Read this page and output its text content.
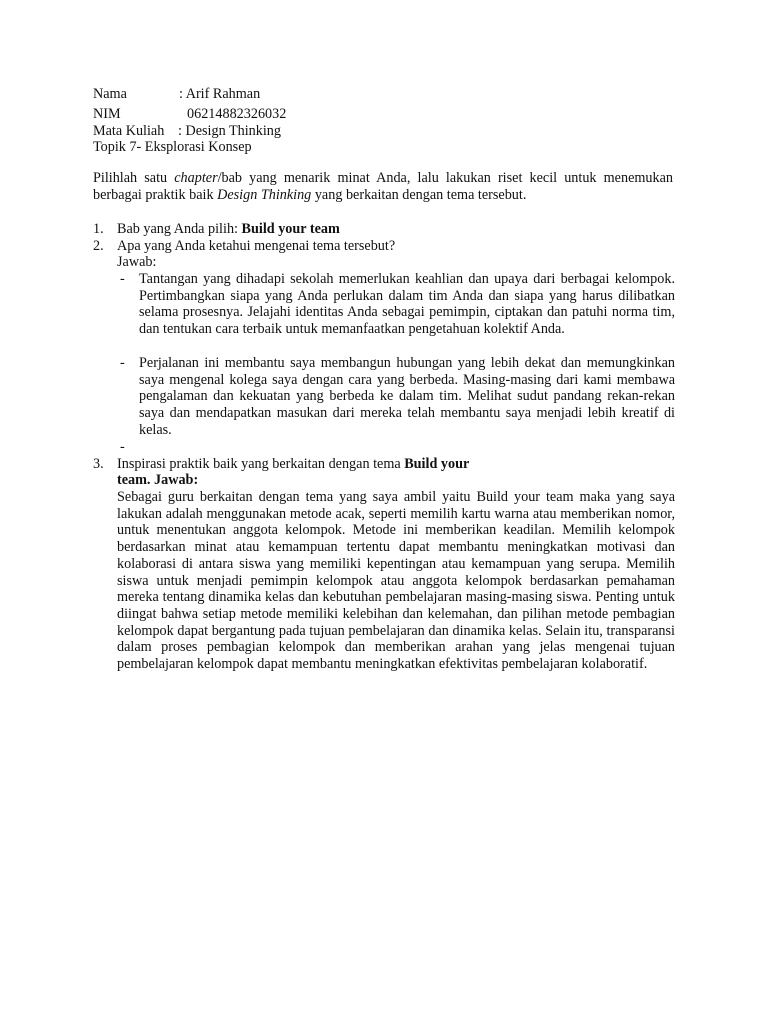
Nama	: Arif Rahman
NIM	06214882326032
Mata Kuliah : Design Thinking
Topik 7- Eksplorasi Konsep
Pilihlah satu chapter/bab yang menarik minat Anda, lalu lakukan riset kecil untuk menemukan berbagai praktik baik Design Thinking yang berkaitan dengan tema tersebut.
1. Bab yang Anda pilih: Build your team
2. Apa yang Anda ketahui mengenai tema tersebut?
Jawab:
- Tantangan yang dihadapi sekolah memerlukan keahlian dan upaya dari berbagai kelompok. Pertimbangkan siapa yang Anda perlukan dalam tim Anda dan siapa yang harus dilibatkan selama prosesnya. Jelajahi identitas Anda sebagai pemimpin, ciptakan dan patuhi norma tim, dan tentukan cara terbaik untuk memanfaatkan pengetahuan kolektif Anda.
- Perjalanan ini membantu saya membangun hubungan yang lebih dekat dan memungkinkan saya mengenal kolega saya dengan cara yang berbeda. Masing-masing dari kami membawa pengalaman dan kekuatan yang berbeda ke dalam tim. Melihat sudut pandang rekan-rekan saya dan mendapatkan masukan dari mereka telah membantu saya menjadi lebih kreatif di kelas.
-
3. Inspirasi praktik baik yang berkaitan dengan tema Build your
team. Jawab:
Sebagai guru berkaitan dengan tema yang saya ambil yaitu Build your team maka yang saya lakukan adalah menggunakan metode acak, seperti memilih kartu warna atau memberikan nomor, untuk menentukan anggota kelompok. Metode ini memberikan keadilan. Memilih kelompok berdasarkan minat atau kemampuan tertentu dapat membantu meningkatkan motivasi dan kolaborasi di antara siswa yang memiliki kepentingan atau kemampuan yang serupa. Memilih siswa untuk menjadi pemimpin kelompok atau anggota kelompok berdasarkan pemahaman mereka tentang dinamika kelas dan kebutuhan pembelajaran masing-masing siswa. Penting untuk diingat bahwa setiap metode memiliki kelebihan dan kelemahan, dan pilihan metode pembagian kelompok dapat bergantung pada tujuan pembelajaran dan dinamika kelas. Selain itu, transparansi dalam proses pembagian kelompok dan memberikan arahan yang jelas mengenai tujuan pembelajaran kelompok dapat membantu meningkatkan efektivitas pembelajaran kolaboratif.
